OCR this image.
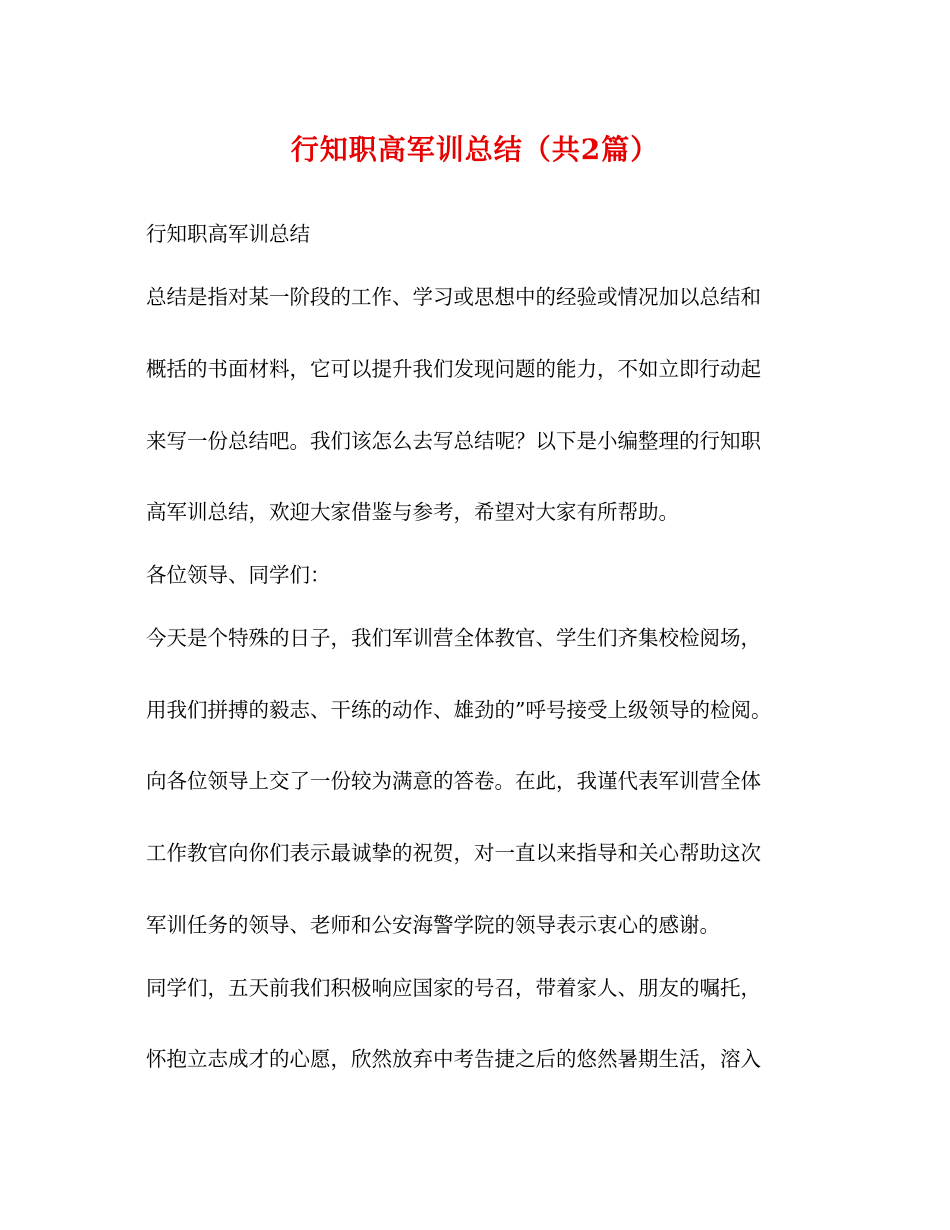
行知职高军训总结（共2篇）
行知职高军训总结
总结是指对某一阶段的工作、学习或思想中的经验或情况加以总结和
概括的书面材料，它可以提升我们发现问题的能力，不如立即行动起
来写一份总结吧。我们该怎么去写总结呢？以下是小编整理的行知职
高军训总结，欢迎大家借鉴与参考，希望对大家有所帮助。
各位领导、同学们：
今天是个特殊的日子，我们军训营全体教官、学生们齐集校检阅场，
用我们拼搏的毅志、干练的动作、雄劲的”呼号接受上级领导的检阅。
向各位领导上交了一份较为满意的答卷。在此，我谨代表军训营全体
工作教官向你们表示最诚挚的祝贺，对一直以来指导和关心帮助这次
军训任务的领导、老师和公安海警学院的领导表示衷心的感谢。
同学们，五天前我们积极响应国家的号召，带着家人、朋友的嘱托，
怀抱立志成才的心愿，欣然放弃中考告捷之后的悠然暑期生活，溶入
